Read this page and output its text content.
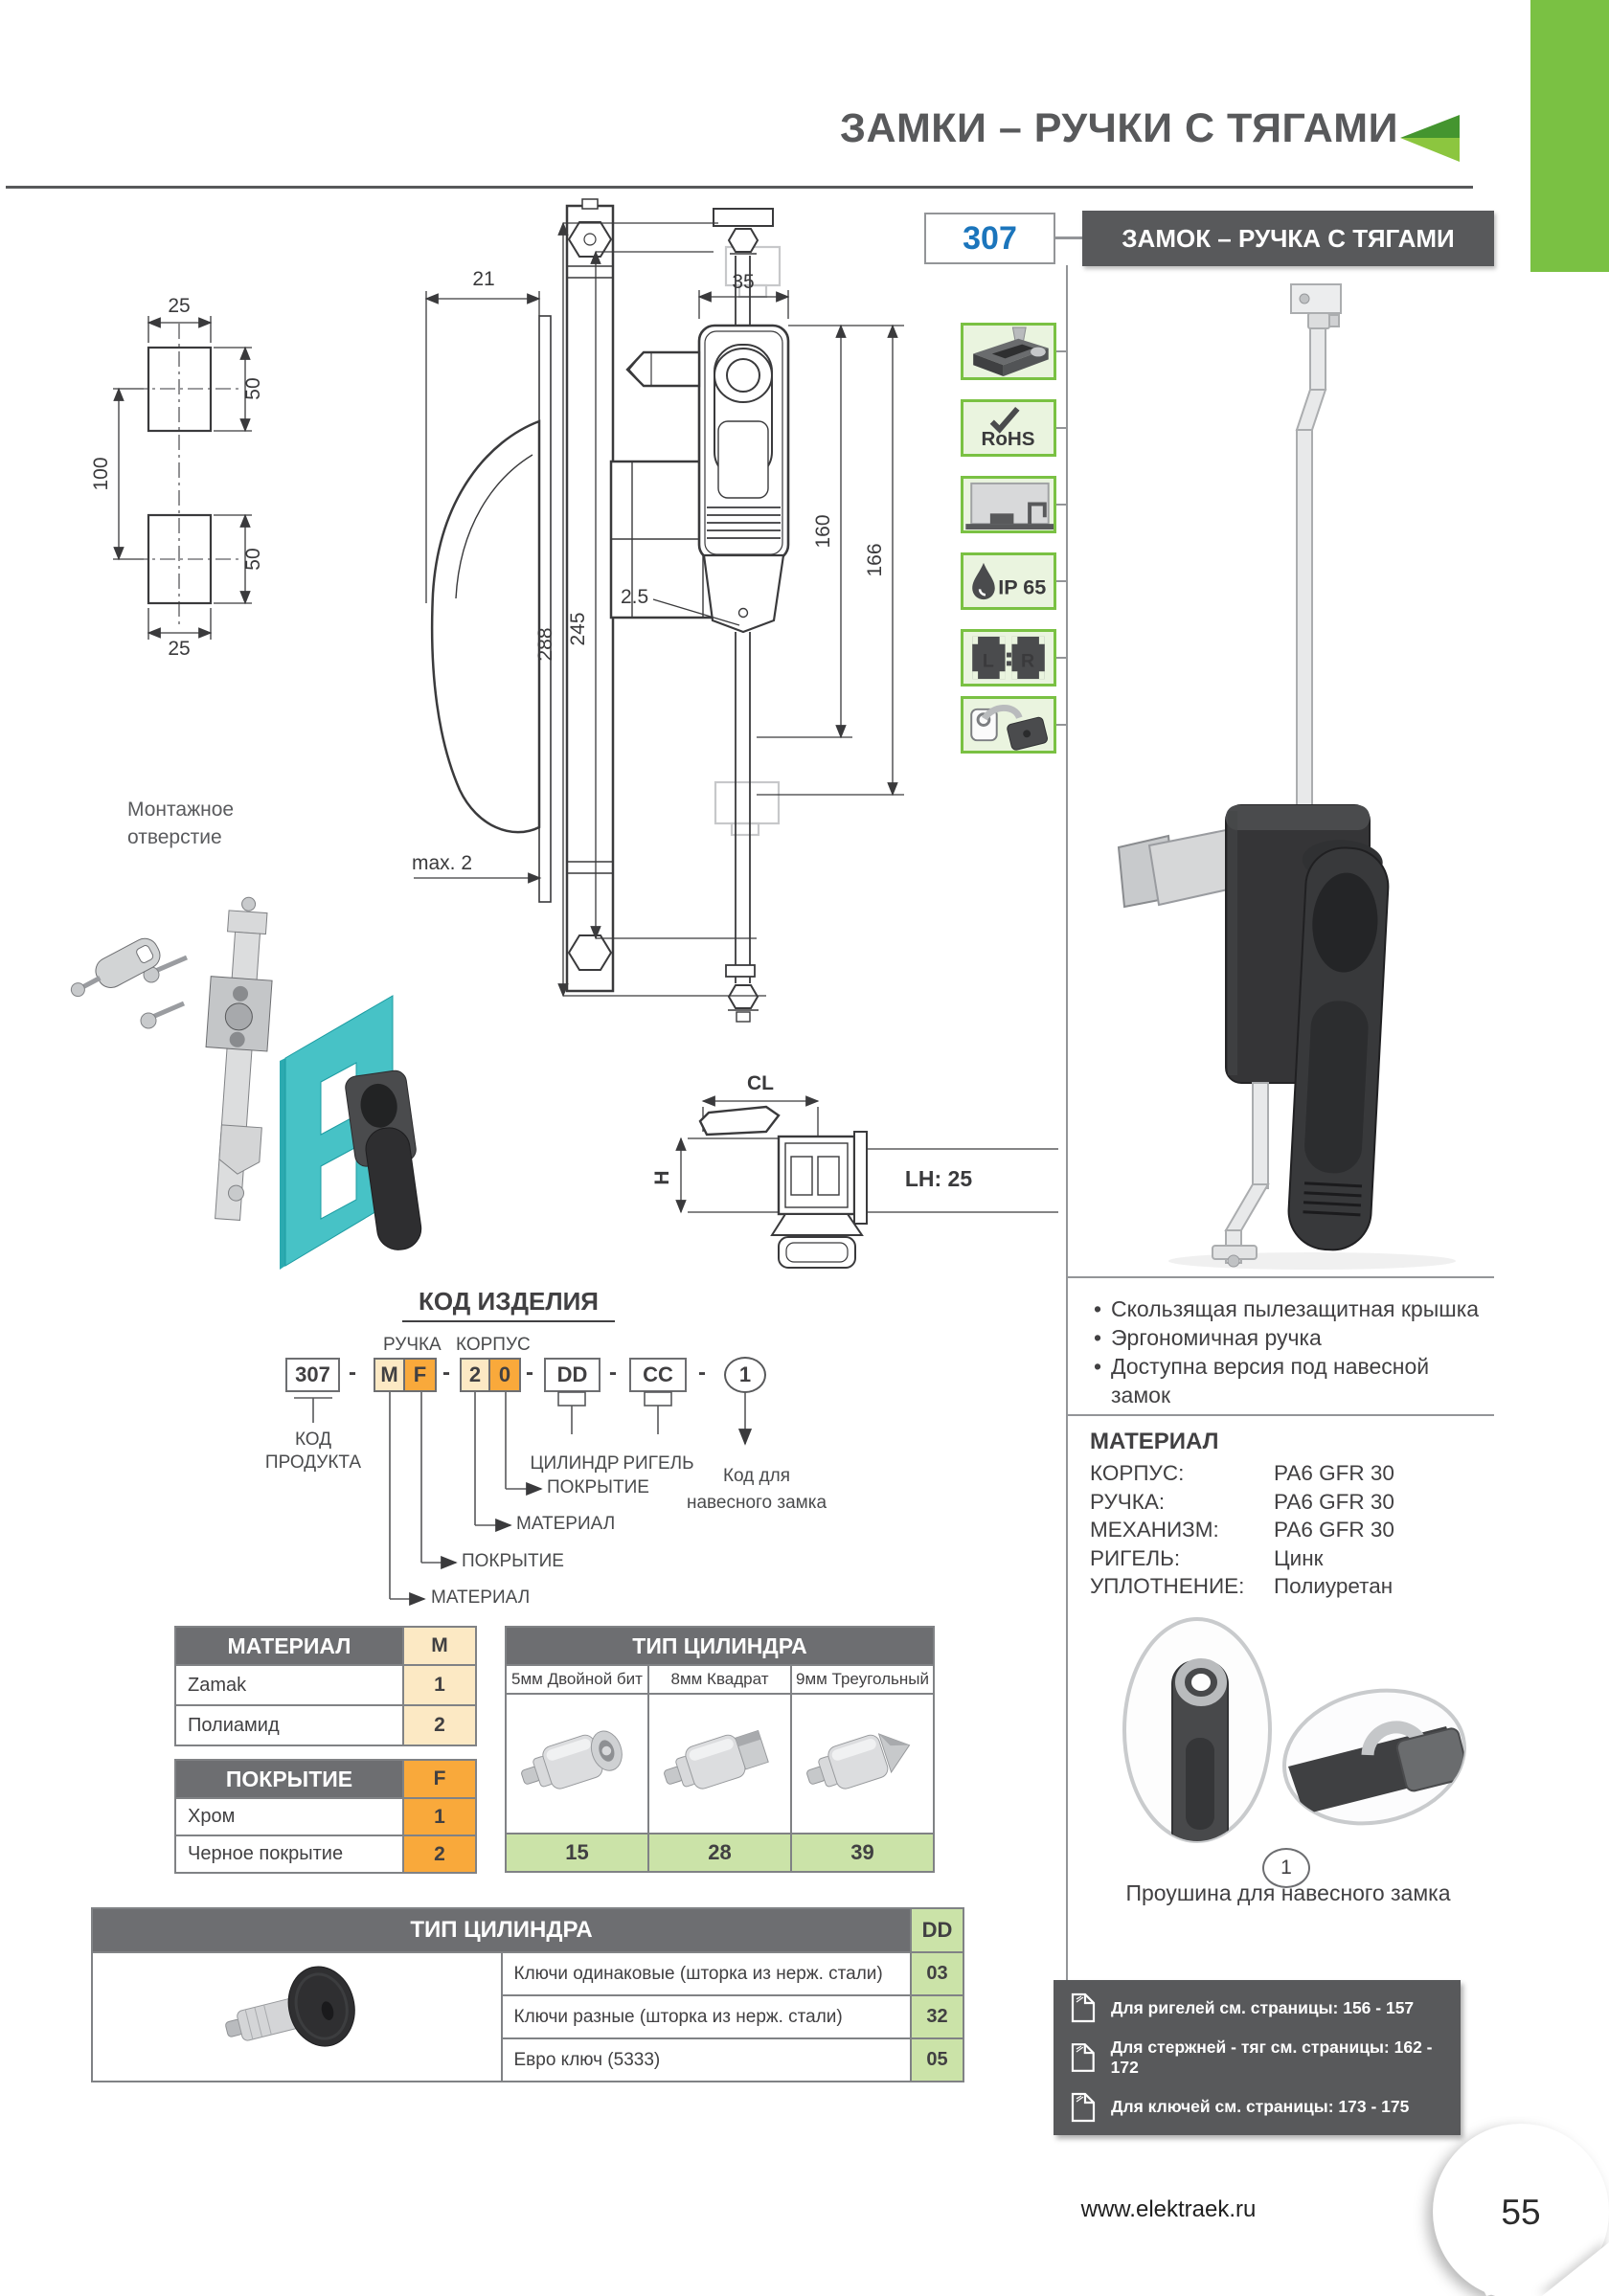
ЗАМКИ – РУЧКИ С ТЯГАМИ
307	ЗАМОК – РУЧКА С ТЯГАМИ
RoHS
IP 65
L R
25
50
100
50
25
Монтажное
отверстие
21
max. 2
288 245
35
160
166
2.5
CL
H	LH: 25
КОД ИЗДЕЛИЯ
РУЧКА КОРПУС
307 -	M F - 2 0 -	DD -	CC	-	1
КОД
ПРОДУКТА	ЦИЛИНДР РИГЕЛЬ
Код для
навесного замка
ПОКРЫТИЕ
МАТЕРИАЛ
ПОКРЫТИЕ
МАТЕРИАЛ
МАТЕРИАЛ	M
Zamak	1
Полиамид	2
ПОКРЫТИЕ	F
Хром	1
Черное покрытие	2
ТИП ЦИЛИНДРА		
5мм Двойной бит	8мм Квадрат	9мм Треугольный

15	28	39
ТИП ЦИЛИНДРА		DD
	Ключи одинаковые (шторка из нерж. стали)	03
	Ключи разные (шторка из нерж. стали)	32
	Евро ключ (5333)	05
• Скользящая пылезащитная крышка
• Эргономичная ручка
• Доступна версия под навесной замок
МАТЕРИАЛ
КОРПУС:	PA6 GFR 30
РУЧКА:	PA6 GFR 30
МЕХАНИЗМ:	PA6 GFR 30
РИГЕЛЬ:	Цинк
УПЛОТНЕНИЕ:	Полиуретан
1
Проушина для навесного замка
Для ригелей см. страницы: 156 - 157
Для стержней - тяг см. страницы: 162 - 172
Для ключей см. страницы: 173 - 175
www.elektraek.ru	55
